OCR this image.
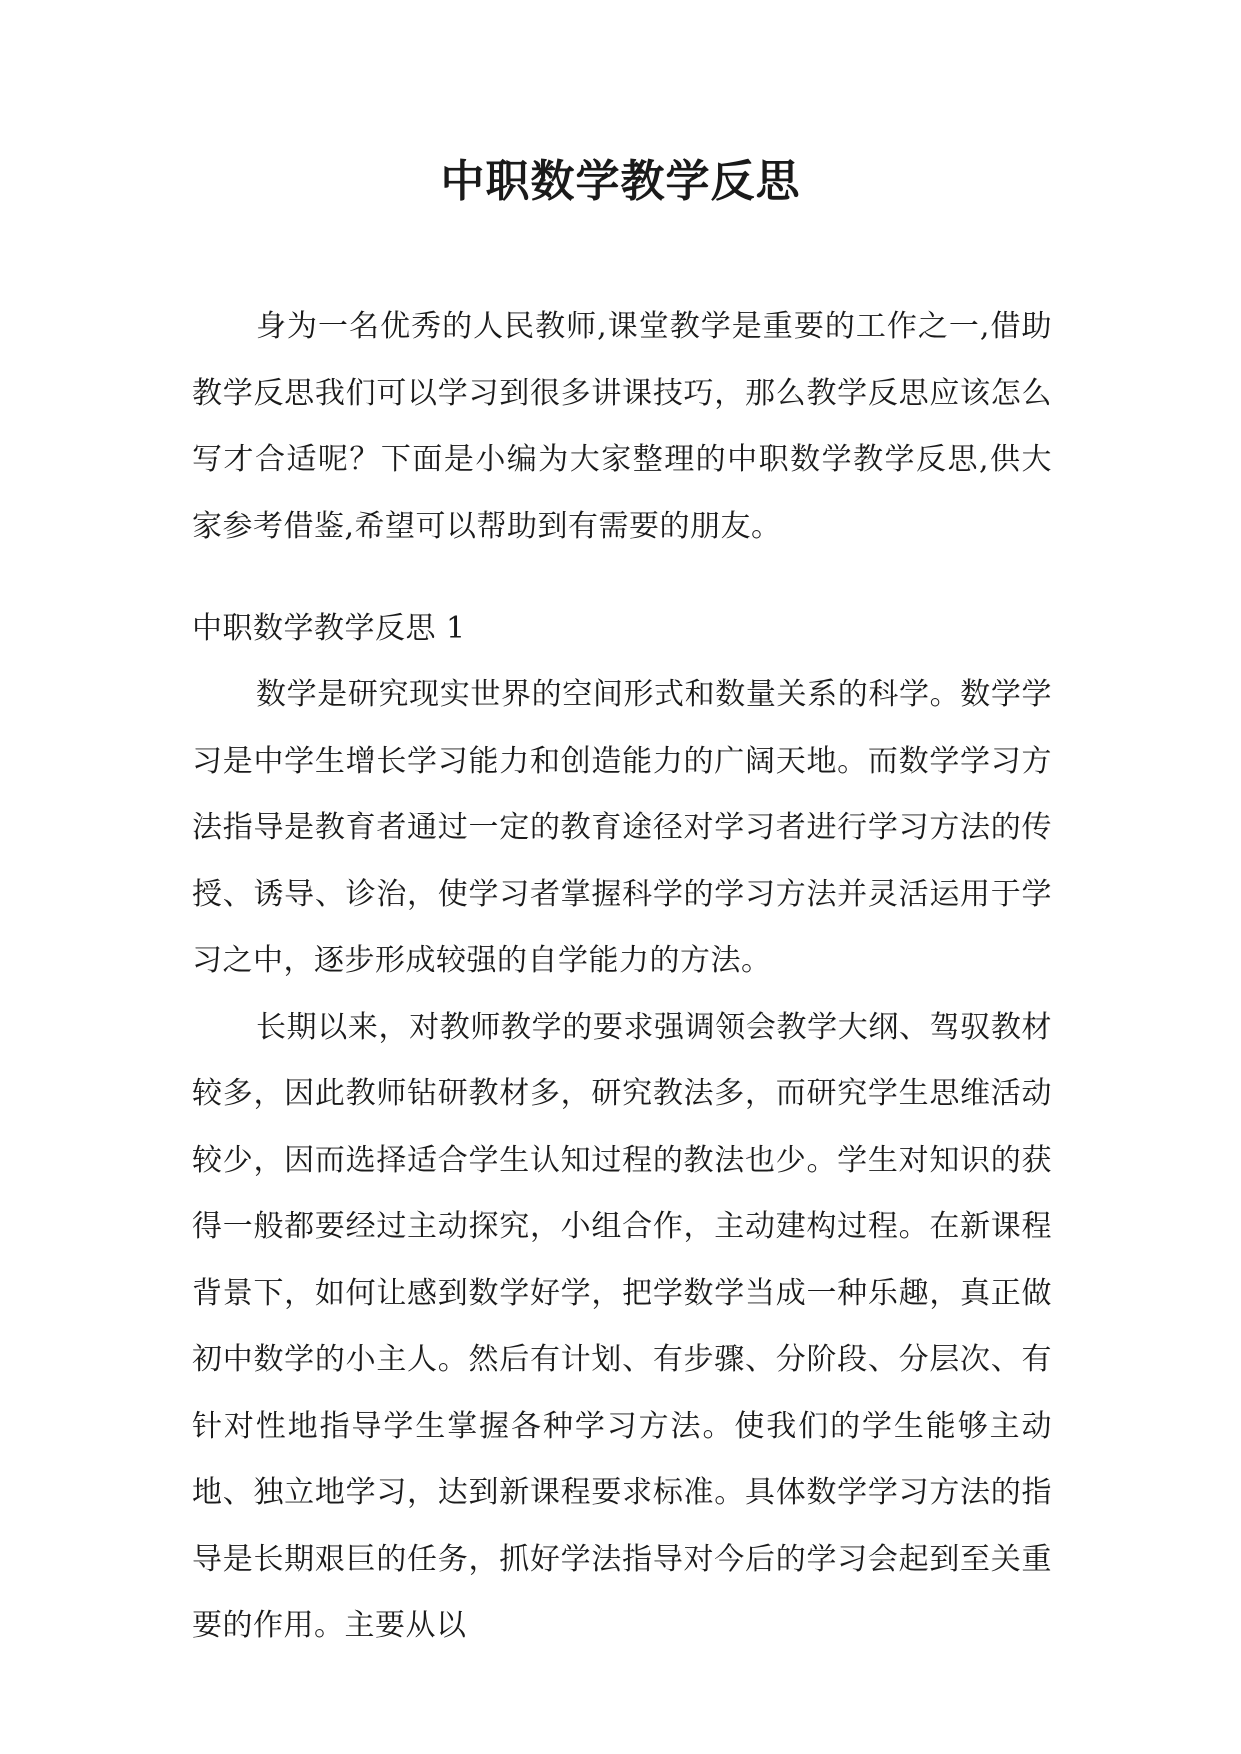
中职数学教学反思

身为一名优秀的人民教师,课堂教学是重要的工作之一,借助教学反思我们可以学习到很多讲课技巧，那么教学反思应该怎么写才合适呢？下面是小编为大家整理的中职数学教学反思,供大家参考借鉴,希望可以帮助到有需要的朋友。

中职数学教学反思 1

数学是研究现实世界的空间形式和数量关系的科学。数学学习是中学生增长学习能力和创造能力的广阔天地。而数学学习方法指导是教育者通过一定的教育途径对学习者进行学习方法的传授、诱导、诊治，使学习者掌握科学的学习方法并灵活运用于学习之中，逐步形成较强的自学能力的方法。

长期以来，对教师教学的要求强调领会教学大纲、驾驭教材较多，因此教师钻研教材多，研究教法多，而研究学生思维活动较少，因而选择适合学生认知过程的教法也少。学生对知识的获得一般都要经过主动探究，小组合作，主动建构过程。在新课程背景下，如何让感到数学好学，把学数学当成一种乐趣，真正做初中数学的小主人。然后有计划、有步骤、分阶段、分层次、有针对性地指导学生掌握各种学习方法。使我们的学生能够主动地、独立地学习，达到新课程要求标准。具体数学学习方法的指导是长期艰巨的任务，抓好学法指导对今后的学习会起到至关重要的作用。主要从以
